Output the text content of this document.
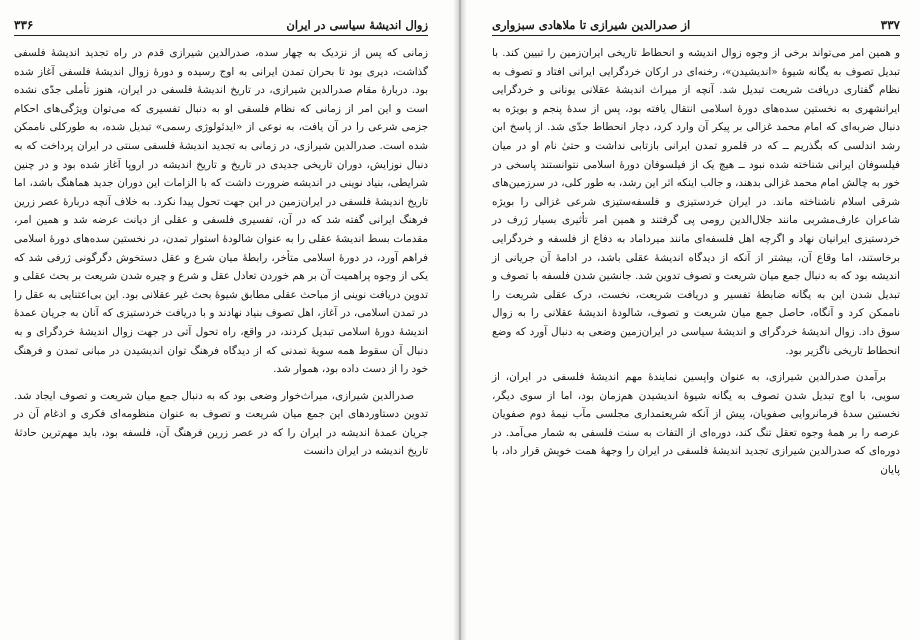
زوال اندیشهٔ سیاسی در ایران
۳۳۶

زمانی که پس از نزدیک به چهار سده، صدرالدین شیرازی قدم در راه تجدید اندیشهٔ فلسفی گذاشت، دیری بود تا بحران تمدن ایرانی به اوج رسیده و دورهٔ زوال اندیشهٔ فلسفی آغاز شده بود. دربارهٔ مقام صدرالدین شیرازی، در تاریخ اندیشهٔ فلسفی در ایران، هنوز تأملی جدّی نشده است و این امر از زمانی که نظام فلسفی او به دنبال تفسیری که می‌توان ویژگی‌های احکام جزمی شرعی را در آن یافت، به نوعی از «ایدئولوژی رسمی» تبدیل شده، به طورکلی ناممکن شده است. صدرالدین شیرازی، در زمانی به تجدید اندیشهٔ فلسفی سنتی در ایران پرداخت که به دنبال نوزایش، دوران تاریخی جدیدی در تاریخ و تاریخ اندیشه در اروپا آغاز شده بود و در چنین شرایطی، بنیاد نوینی در اندیشه ضرورت داشت که با الزامات این دوران جدید هماهنگ باشد، اما تاریخ اندیشهٔ فلسفی در ایران‌زمین در این جهت تحول پیدا نکرد. به خلاف آنچه دربارهٔ عصر زرین فرهنگ ایرانی گفته شد که در آن، تفسیری فلسفی و عقلی از دیانت عرضه شد و همین امر، مقدمات بسط اندیشهٔ عقلی را به عنوان شالودهٔ استوار تمدن، در نخستین سده‌های دورهٔ اسلامی فراهم آورد، در دورهٔ اسلامی متأخر، رابطهٔ میان شرع و عقل دستخوش دگرگونی ژرفی شد که یکی از وجوه پراهمیت آن بر هم خوردن تعادل عقل و شرع و چیره شدن شریعت بر بحث عقلی و تدوین دریافت نوینی از مباحث عقلی مطابق شیوهٔ بحث غیر عقلانی بود. این بی‌اعتنایی به عقل را در تمدن اسلامی، در آغاز، اهل تصوف بنیاد نهادند و با دریافت خردستیزی که آنان به جریان عمدهٔ اندیشهٔ دورهٔ اسلامی تبدیل کردند، در واقع، راه تحول آتی در جهت زوال اندیشهٔ خردگرای و به دنبال آن سقوط همه سویهٔ تمدنی که از دیدگاه فرهنگ توان اندیشیدن در مبانی تمدن و فرهنگ خود را از دست داده بود، هموار شد.

صدرالدین شیرازی، میراث‌خوار وضعی بود که به دنبال جمع میان شریعت و تصوف ایجاد شد. تدوین دستاوردهای این جمع میان شریعت و تصوف به عنوان منظومه‌ای فکری و ادغام آن در جریان عمدهٔ اندیشه در ایران را که در عصر زرین فرهنگ آن، فلسفه بود، باید مهم‌ترین حادثهٔ تاریخ اندیشه در ایران دانست

۳۳۷
از صدرالدین شیرازی تا ملاهادی سبزواری

و همین امر می‌تواند برخی از وجوه زوال اندیشه و انحطاط تاریخی ایران‌زمین را تبیین کند. با تبدیل تصوف به یگانه شیوهٔ «اندیشیدن»، رخنه‌ای در ارکان خردگرایی ایرانی افتاد و تصوف به نظام گفتاری دریافت شریعت تبدیل شد. آنچه از میراث اندیشهٔ عقلانی یونانی و خردگرایی ایرانشهری به نخستین سده‌های دورهٔ اسلامی انتقال یافته بود، پس از سدهٔ پنجم و بویژه به دنبال ضربه‌ای که امام محمد غزالی بر پیکر آن وارد کرد، دچار انحطاط جدّی شد. از پاسخ ابن رشد اندلسی که بگذریم ــ که در قلمرو تمدن ایرانی بازتابی نداشت و حتیٰ نام او در میان فیلسوفان ایرانی شناخته شده نبود ــ هیچ یک از فیلسوفان دورهٔ اسلامی نتوانستند پاسخی در خور به چالش امام محمد غزالی بدهند، و جالب اینکه اثر این رشد، به طور کلی، در سرزمین‌های شرقی اسلام ناشناخته ماند. در ایران خردستیزی و فلسفه‌ستیزی شرعی غزالی را بویژه شاعران عارف‌مشربی مانند جلال‌الدین رومی پی گرفتند و همین امر تأثیری بسیار ژرف در خردستیزی ایرانیان نهاد و اگرچه اهل فلسفه‌ای مانند میرداماد به دفاع از فلسفه و خردگرایی برخاستند، اما وقاع آن، بیشتر از آنکه از دیدگاه اندیشهٔ عقلی باشد، در ادامهٔ آن جریانی از اندیشه بود که به دنبال جمع میان شریعت و تصوف تدوین شد. جانشین شدن فلسفه با تصوف و تبدیل شدن این به یگانه ضابطهٔ تفسیر و دریافت شریعت، نخست، درک عقلی شریعت را ناممکن کرد و آنگاه، حاصل جمع میان شریعت و تصوف، شالودهٔ اندیشهٔ عقلانی را به زوال سوق داد. زوال اندیشهٔ خردگرای و اندیشهٔ سیاسی در ایران‌زمین وضعی به دنبال آورد که وضع انحطاط تاریخی ناگزیر بود.

برآمدن صدرالدین شیرازی، به عنوان واپسین نمایندهٔ مهم اندیشهٔ فلسفی در ایران، از سویی، با اوج تبدیل شدن تصوف به یگانه شیوهٔ اندیشیدن هم‌زمان بود، اما از سوی دیگر، نخستین سدهٔ فرمانروایی صفویان، پیش از آنکه شریعتمداری مجلسی مآب نیمهٔ دوم صفویان عرصه را بر همهٔ وجوه تعقل تنگ کند، دوره‌ای از التفات به سنت فلسفی به شمار می‌آمد. در دوره‌ای که صدرالدین شیرازی تجدید اندیشهٔ فلسفی در ایران را وجههٔ همت خویش قرار داد، با پایان
